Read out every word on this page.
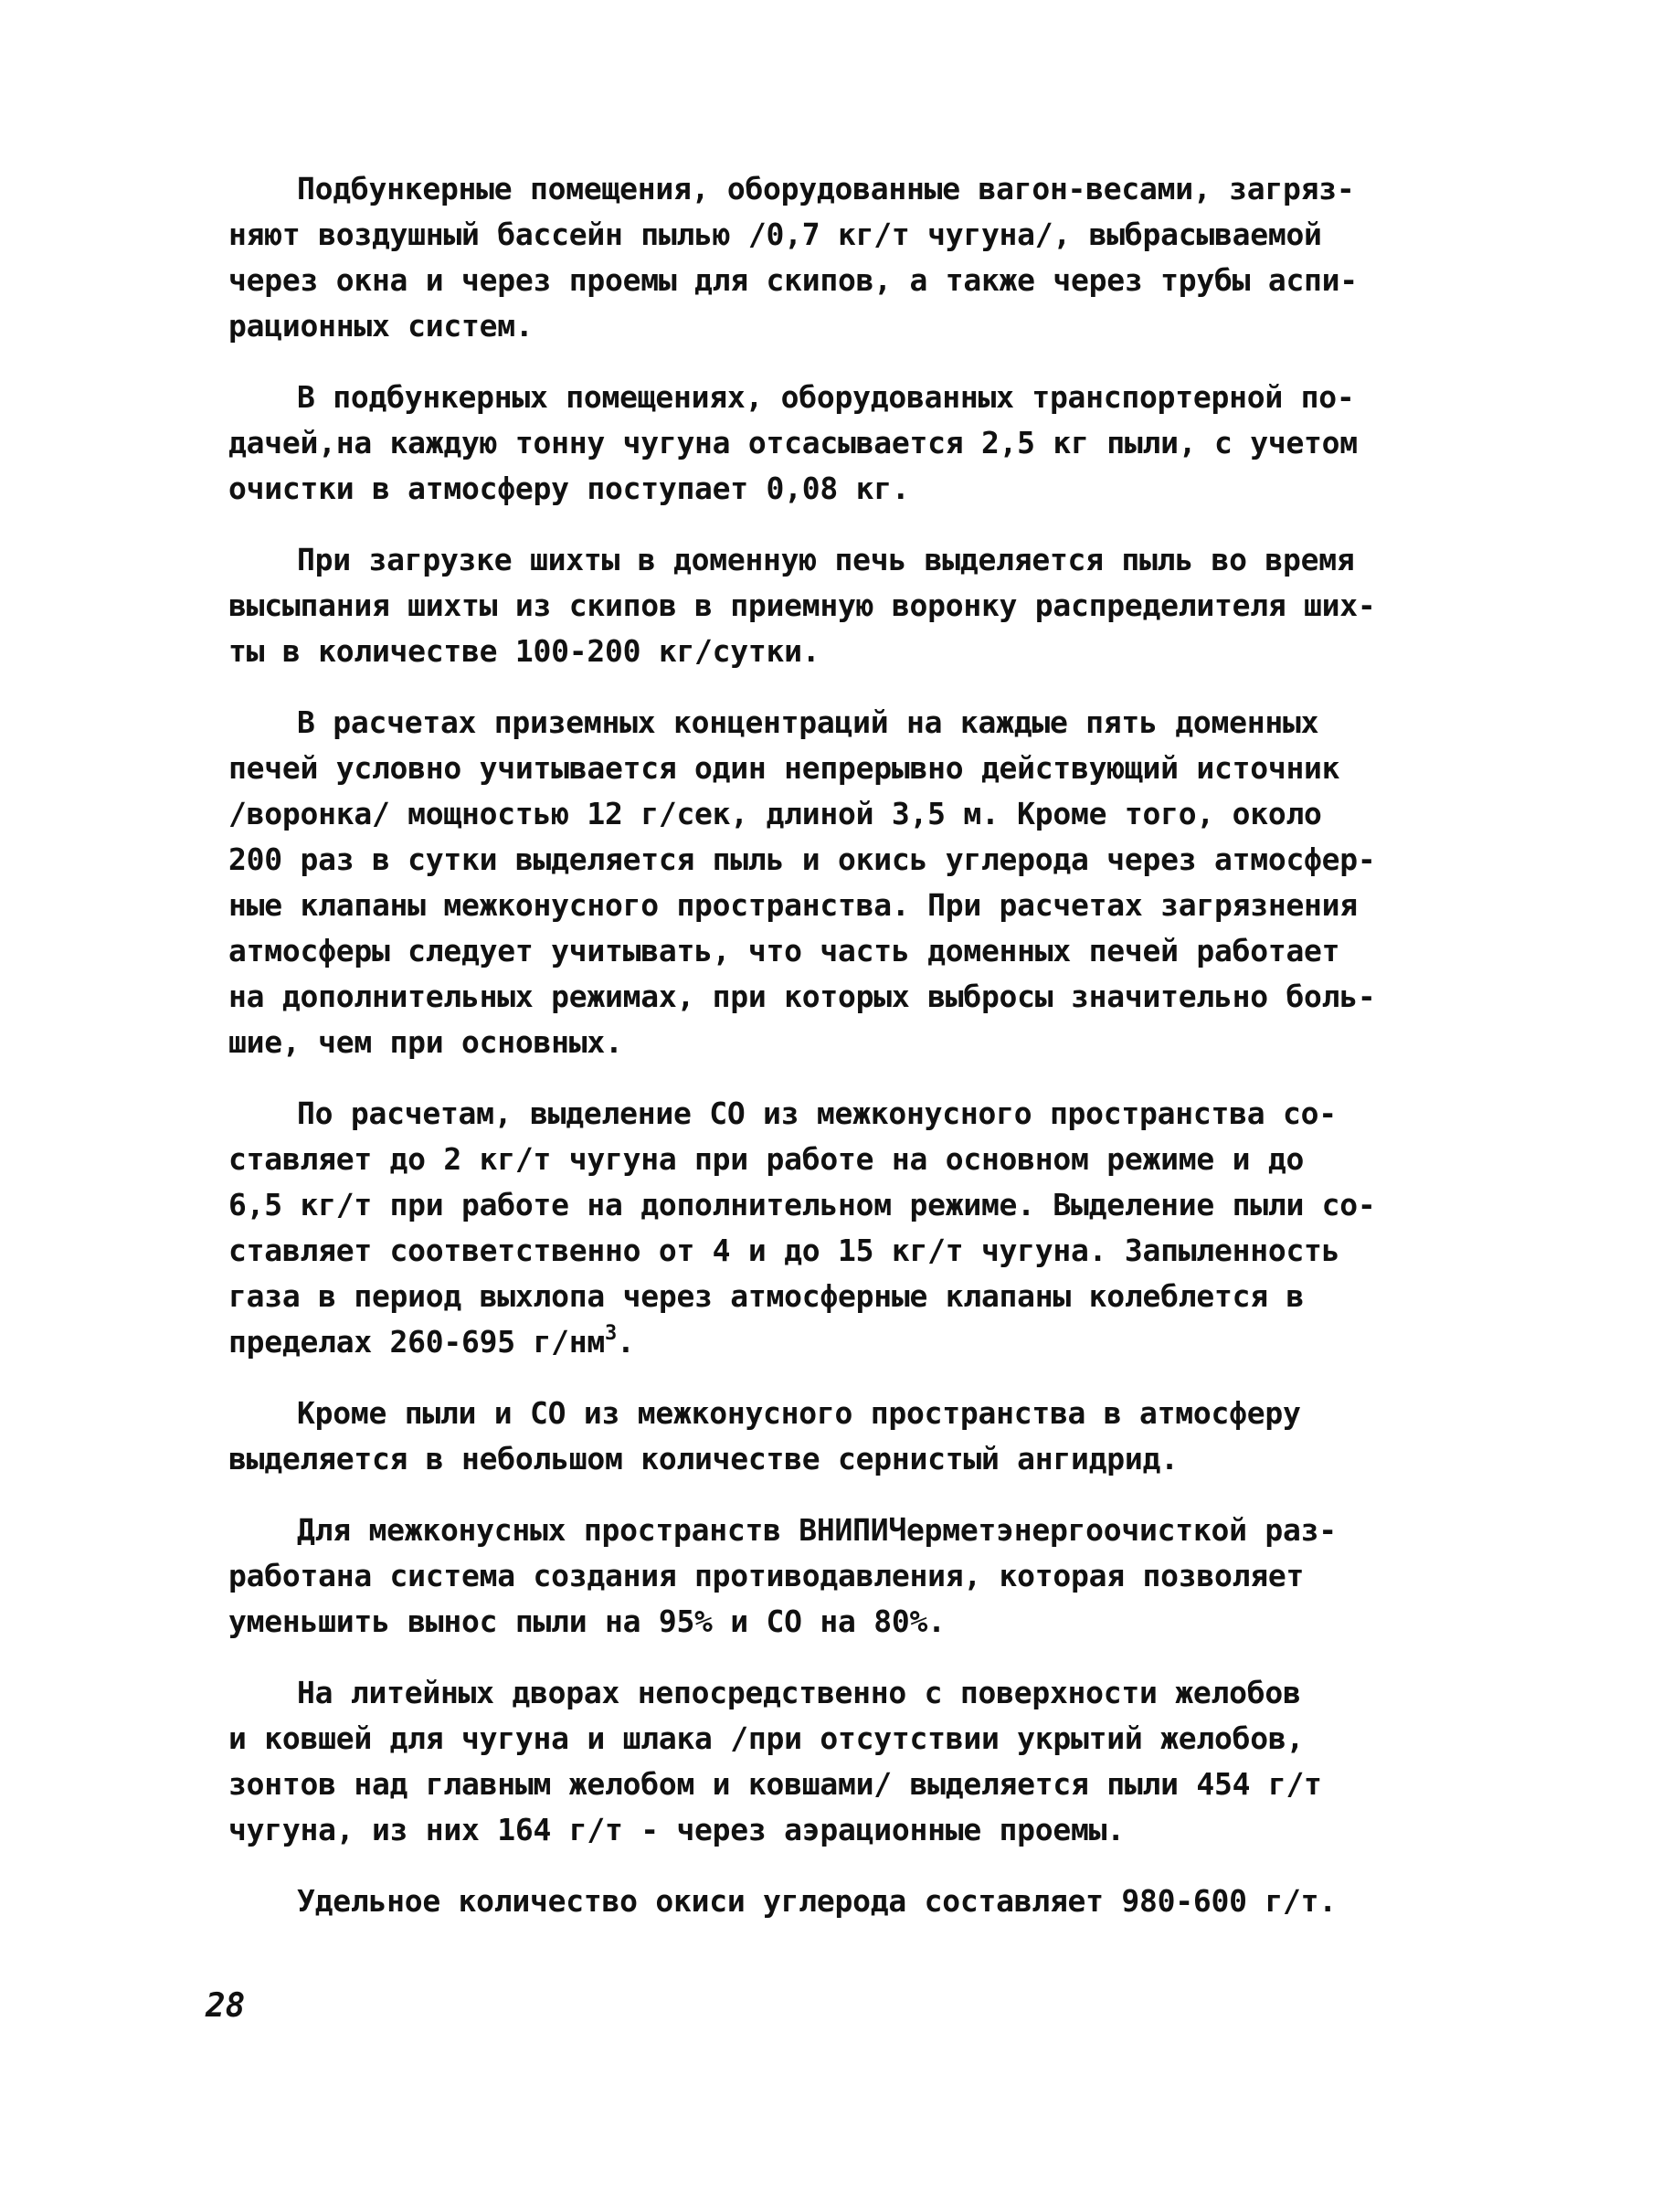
Подбункерные помещения, оборудованные вагон-весами, загряз-
няют воздушный бассейн пылью /0,7 кг/т чугуна/, выбрасываемой
через окна и через проемы для скипов, а также через трубы аспи-
рационных систем.
В подбункерных помещениях, оборудованных транспортерной по-
дачей,на каждую тонну чугуна отсасывается 2,5 кг пыли, с учетом
очистки в атмосферу поступает 0,08 кг.
При загрузке шихты в доменную печь выделяется пыль во время
высыпания шихты из скипов в приемную воронку распределителя ших-
ты в количестве 100-200 кг/сутки.
В расчетах приземных концентраций на каждые пять доменных
печей условно учитывается один непрерывно действующий источник
/воронка/ мощностью 12 г/сек, длиной 3,5 м. Кроме того, около
200 раз в сутки выделяется пыль и окись углерода через атмосфер-
ные клапаны межконусного пространства. При расчетах загрязнения
атмосферы следует учитывать, что часть доменных печей работает
на дополнительных режимах, при которых выбросы значительно боль-
шие, чем при основных.
По расчетам, выделение СО из межконусного пространства со-
ставляет до 2 кг/т чугуна при работе на основном режиме и до
6,5 кг/т при работе на дополнительном режиме. Выделение пыли со-
ставляет соответственно от 4 и до 15 кг/т чугуна. Запыленность
газа в период выхлопа через атмосферные клапаны колеблется в
пределах 260-695 $г/нм^3$.
Кроме пыли и СО из межконусного пространства в атмосферу
выделяется в небольшом количестве сернистый ангидрид.
Для межконусных пространств ВНИПИЧерметэнергоочисткой раз-
работана система создания противодавления, которая позволяет
уменьшить вынос пыли на 95% и СО на 80%.
На литейных дворах непосредственно с поверхности желобов
и ковшей для чугуна и шлака /при отсутствии укрытий желобов,
зонтов над главным желобом и ковшами/ выделяется пыли 454 г/т
чугуна, из них 164 г/т - через аэрационные проемы.
Удельное количество окиси углерода составляет 980-600 г/т.
28
